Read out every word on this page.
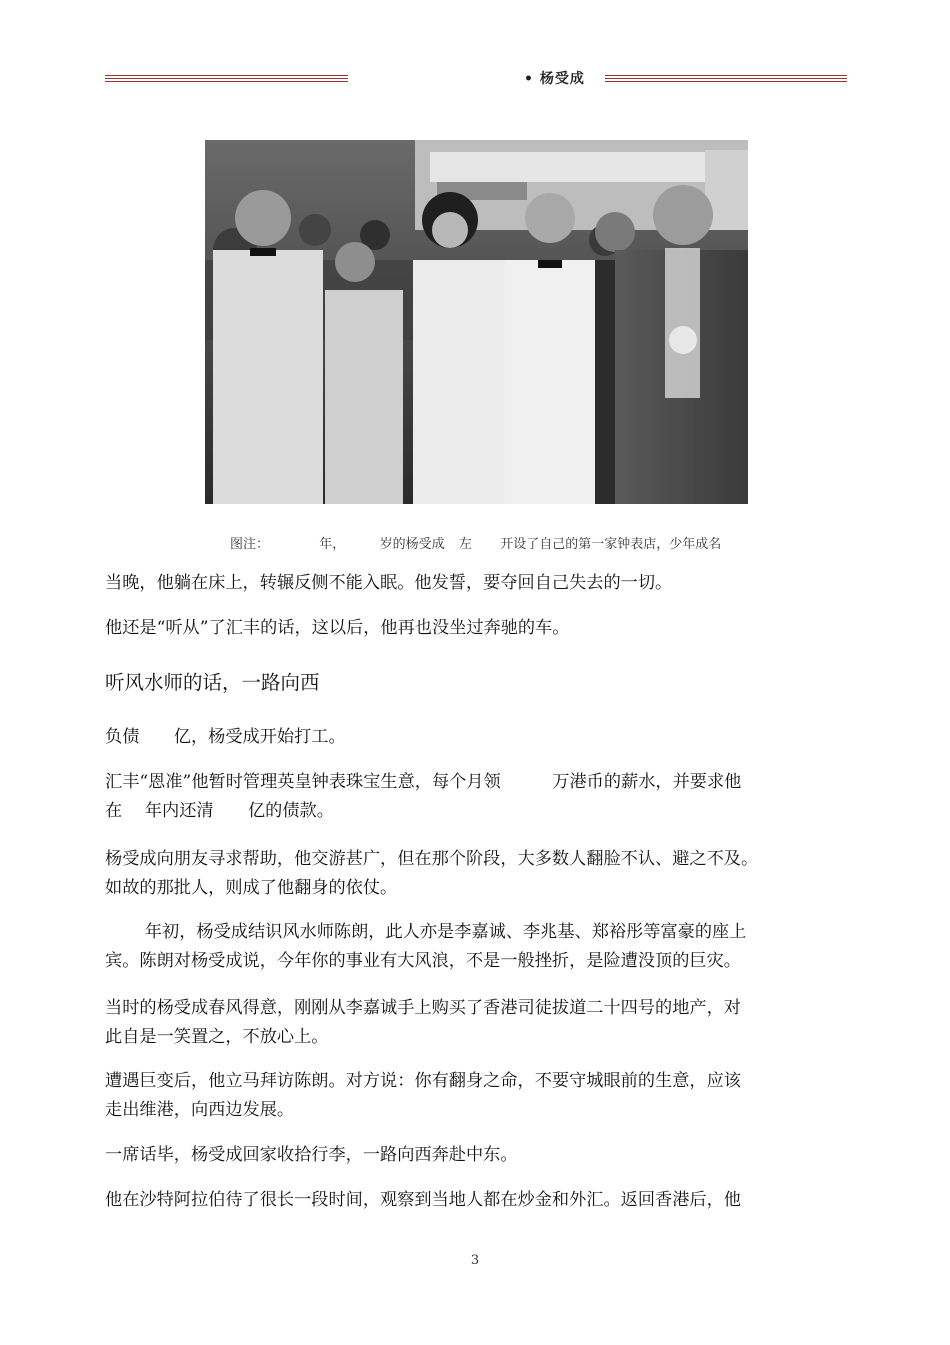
• 杨受成
图注：	年，	岁的杨受成 左 开设了自己的第一家钟表店，少年成名
当晚，他躺在床上，转辗反侧不能入眠。他发誓，要夺回自己失去的一切。
他还是“听从”了汇丰的话，这以后，他再也没坐过奔驰的车。
听风水师的话，一路向西
负债　　亿，杨受成开始打工。
汇丰“恩准”他暂时管理英皇钟表珠宝生意，每个月领　　　万港币的薪水，并要求他
在　 年内还清　　亿的债款。
杨受成向朋友寻求帮助，他交游甚广，但在那个阶段，大多数人翻脸不认、避之不及。
如故的那批人，则成了他翻身的依仗。
　　 年初，杨受成结识风水师陈朗，此人亦是李嘉诚、李兆基、郑裕彤等富豪的座上
宾。陈朗对杨受成说，今年你的事业有大风浪，不是一般挫折，是险遭没顶的巨灾。
当时的杨受成春风得意，刚刚从李嘉诚手上购买了香港司徒拔道二十四号的地产，对
此自是一笑置之，不放心上。
遭遇巨变后，他立马拜访陈朗。对方说：你有翻身之命，不要守城眼前的生意，应该
走出维港，向西边发展。
一席话毕，杨受成回家收拾行李，一路向西奔赴中东。
他在沙特阿拉伯待了很长一段时间，观察到当地人都在炒金和外汇。返回香港后，他
3
